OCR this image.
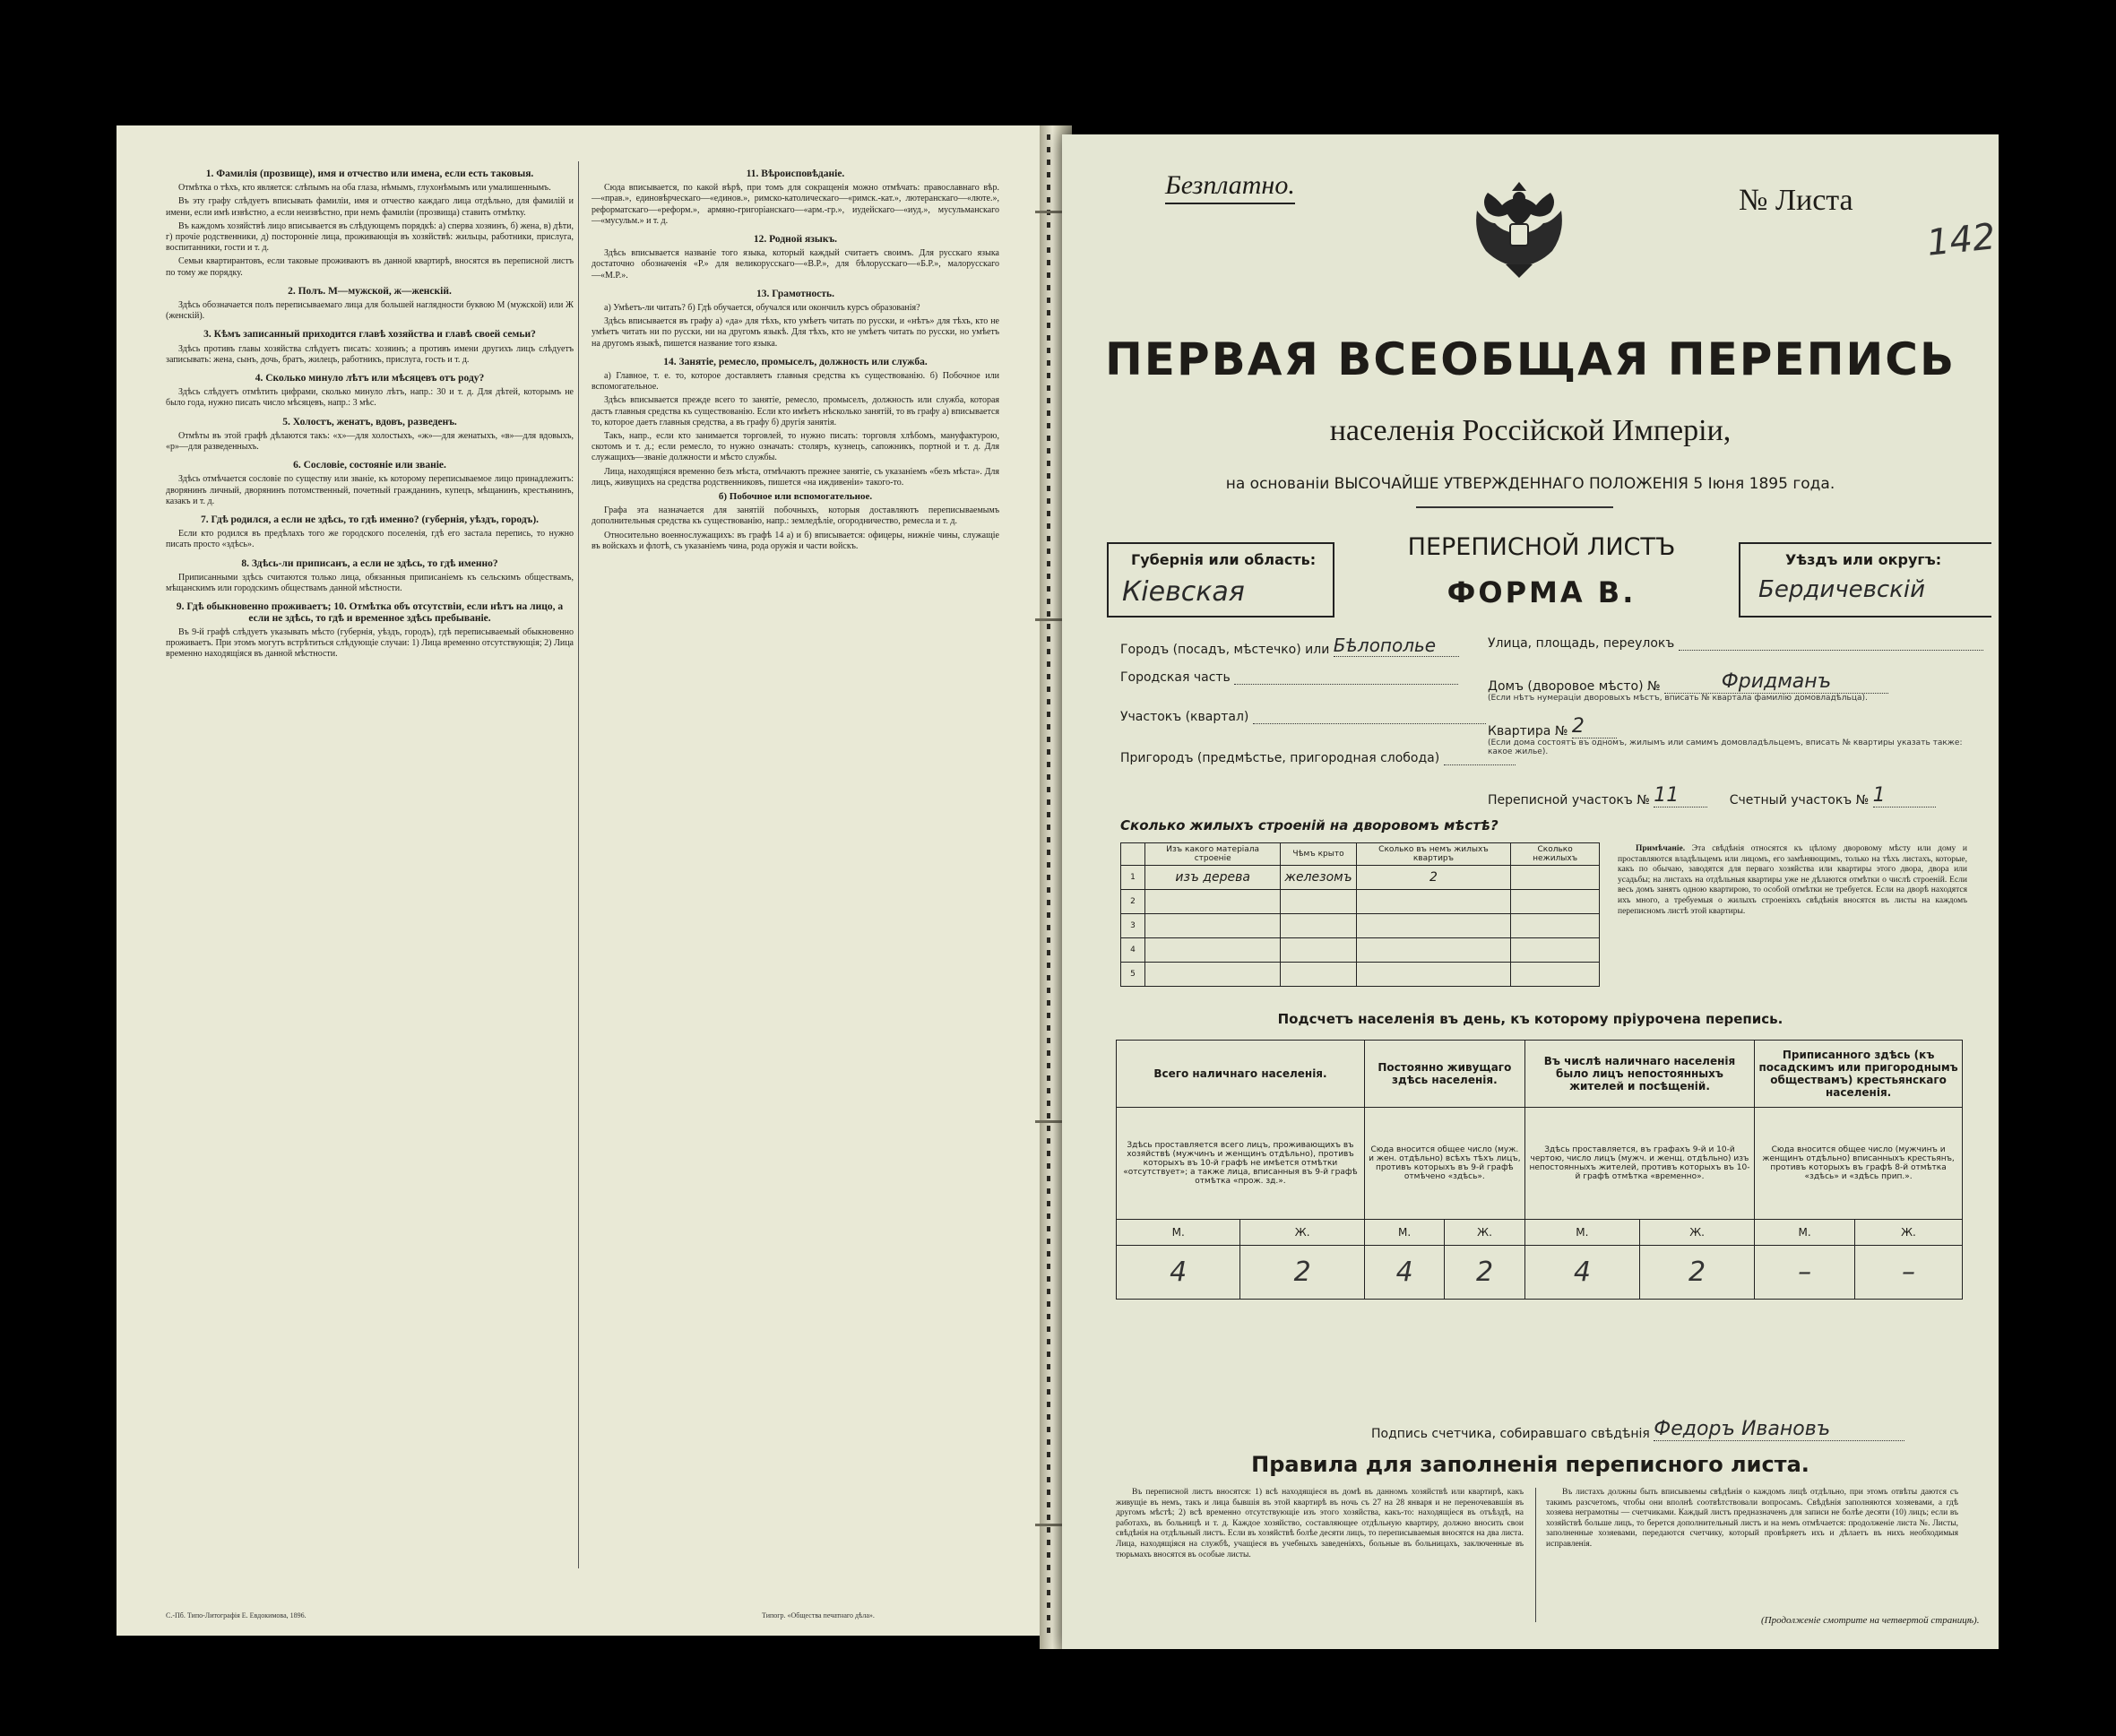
1. Фамилія (прозвище), имя и отчество или имена, если есть таковыя.
Отмѣтка о тѣхъ, кто является: слѣпымъ на оба глаза, нѣмымъ, глухонѣмымъ или умалишеннымъ.
Въ эту графу слѣдуетъ вписывать фамиліи, имя и отчество каждаго лица отдѣльно, для фамилій и имени, если имѣ извѣстно, а если неизвѣстно, при немъ фамиліи (прозвища) ставить отмѣтку.
Въ каждомъ хозяйствѣ лицо вписывается въ слѣдующемъ порядкѣ: а) сперва хозяинъ, б) жена, в) дѣти, г) прочіе родственники, д) посторонніе лица, проживающія въ хозяйствѣ: жильцы, работники, прислуга, воспитанники, гости и т. д.
Семьи квартирантовъ, если таковые проживаютъ въ данной квартирѣ, вносятся въ переписной листъ по тому же порядку.
2. Полъ. М—мужской, ж—женскій.
Здѣсь обозначается полъ переписываемаго лица для большей наглядности буквою М (мужской) или Ж (женскій).
3. Кѣмъ записанный приходится главѣ хозяйства и главѣ своей семьи?
Здѣсь противъ главы хозяйства слѣдуетъ писать: хозяинъ; а противъ имени другихъ лицъ слѣдуетъ записывать: жена, сынъ, дочь, братъ, жилецъ, работникъ, прислуга, гость и т. д.
4. Сколько минуло лѣтъ или мѣсяцевъ отъ роду?
Здѣсь слѣдуетъ отмѣтить цифрами, сколько минуло лѣтъ, напр.: 30 и т. д. Для дѣтей, которымъ не было года, нужно писать число мѣсяцевъ, напр.: 3 мѣс.
5. Холостъ, женатъ, вдовъ, разведенъ.
Отмѣты въ этой графѣ дѣлаются такъ: «х»—для холостыхъ, «ж»—для женатыхъ, «в»—для вдовыхъ, «р»—для разведенныхъ.
6. Сословіе, состояніе или званіе.
Здѣсь отмѣчается сословіе по существу или званіе, къ которому переписываемое лицо принадлежитъ: дворянинъ личный, дворянинъ потомственный, почетный гражданинъ, купецъ, мѣщанинъ, крестьянинъ, казакъ и т. д.
7. Гдѣ родился, а если не здѣсь, то гдѣ именно? (губернія, уѣздъ, городъ).
Если кто родился въ предѣлахъ того же городского поселенія, гдѣ его застала перепись, то нужно писать просто «здѣсь».
8. Здѣсь-ли приписанъ, а если не здѣсь, то гдѣ именно?
Приписанными здѣсь считаются только лица, обязанныя приписаніемъ къ сельскимъ обществамъ, мѣщанскимъ или городскимъ обществамъ данной мѣстности.
9. Гдѣ обыкновенно проживаетъ; 10. Отмѣтка объ отсутствіи, если нѣтъ на лицо, а если не здѣсь, то гдѣ и временное здѣсь пребываніе.
Въ 9-й графѣ слѣдуетъ указывать мѣсто (губернія, уѣздъ, городъ), гдѣ переписываемый обыкновенно проживаетъ. При этомъ могутъ встрѣтиться слѣдующіе случаи: 1) Лица временно отсутствующія; 2) Лица временно находящіяся въ данной мѣстности.
11. Вѣроисповѣданіе.
Сюда вписывается, по какой вѣрѣ, при томъ для сокращенія можно отмѣчать: православнаго вѣр.—«прав.», единовѣрческаго—«единов.», римско-католическаго—«римск.-кат.», лютеранскаго—«люте.», реформатскаго—«реформ.», армяно-григоріанскаго—«арм.-гр.», иудейскаго—«иуд.», мусульманскаго—«мусульм.» и т. д.
12. Родной языкъ.
Здѣсь вписывается названіе того языка, который каждый считаетъ своимъ. Для русскаго языка достаточно обозначенія «Р.» для великорусскаго—«В.Р.», для бѣлорусскаго—«Б.Р.», малорусскаго—«М.Р.».
13. Грамотность.
а) Умѣетъ-ли читать? б) Гдѣ обучается, обучался или окончилъ курсъ образованія?
Здѣсь вписывается въ графу а) «да» для тѣхъ, кто умѣетъ читать по русски, и «нѣтъ» для тѣхъ, кто не умѣетъ читать ни по русски, ни на другомъ языкѣ. Для тѣхъ, кто не умѣетъ читать по русски, но умѣетъ на другомъ языкѣ, пишется название того языка.
14. Занятіе, ремесло, промыселъ, должность или служба.
а) Главное, т. е. то, которое доставляетъ главныя средства къ существованію. б) Побочное или вспомогательное.
Здѣсь вписывается прежде всего то занятіе, ремесло, промыселъ, должность или служба, которая дастъ главныя средства къ существованію. Если кто имѣетъ нѣсколько занятій, то въ графу а) вписывается то, которое даетъ главныя средства, а въ графу б) другія занятія.
Такъ, напр., если кто занимается торговлей, то нужно писать: торговля хлѣбомъ, мануфактурою, скотомъ и т. д.; если ремесло, то нужно означать: столяръ, кузнецъ, сапожникъ, портной и т. д. Для служащихъ—званіе должности и мѣсто службы.
Лица, находящіяся временно безъ мѣста, отмѣчаютъ прежнее занятіе, съ указаніемъ «безъ мѣста». Для лицъ, живущихъ на средства родственниковъ, пишется «на иждивеніи» такого-то.
б) Побочное или вспомогательное.
Графа эта назначается для занятій побочныхъ, которыя доставляютъ переписываемымъ дополнительныя средства къ существованію, напр.: земледѣліе, огородничество, ремесла и т. д.
Относительно военнослужащихъ: въ графѣ 14 а) и б) вписывается: офицеры, нижніе чины, служащіе въ войскахъ и флотѣ, съ указаніемъ чина, рода оружія и части войскъ.
С.-Пб. Типо-Литографія Е. Евдокимова, 1896.	Типогр. «Общества печатнаго дѣла».
Безплатно.	№ Листа
142
ПЕРВАЯ ВСЕОБЩАЯ ПЕРЕПИСЬ
населенія Россійской Имперіи,
на основаніи ВЫСОЧАЙШЕ УТВЕРЖДЕННАГО ПОЛОЖЕНІЯ 5 Іюня 1895 года.
Губернія или область:
Кіевская
ПЕРЕПИСНОЙ ЛИСТЪ
ФОРМА В.
Уѣздъ или округъ:
Бердичевскій
Городъ (посадъ, мѣстечко) или Бѣлополье
Городская часть
Участокъ (квартал)
Пригородъ (предмѣстье, пригородная слобода)
Улица, площадь, переулокъ
Домъ (дворовое мѣсто) №	Фридманъ
(Если нѣтъ нумераціи дворовыхъ мѣстъ, вписать № квартала фамилію домовладѣльца).
Квартира № 2
(Если дома состоятъ въ одномъ, жилымъ или самимъ домовладѣльцемъ, вписать № квартиры указать также: какое жилье).
Переписной участокъ № 11	Счетный участокъ № 1
Сколько жилыхъ строеній на дворовомъ мѣстѣ?
	Изъ какого матеріала строеніе	Чѣмъ крыто	Сколько въ немъ жилыхъ квартиръ	Сколько нежилыхъ
1	изъ дерева	железомъ	2	
2				
3				
4				
5				
Примѣчаніе. Эта свѣдѣнія относятся къ цѣлому дворовому мѣсту или дому и проставляются владѣльцемъ или лицомъ, его замѣняющимъ, только на тѣхъ листахъ, которые, какъ по обычаю, заводятся для перваго хозяйства или квартиры этого двора, двора или усадьбы; на листахъ на отдѣльныя квартиры уже не дѣлаются отмѣтки о числѣ строеній. Если весь домъ занятъ одною квартирою, то особой отмѣтки не требуется. Если на дворѣ находятся ихъ много, а требуемыя о жилыхъ строеніяхъ свѣдѣнія вносятся въ листы на каждомъ переписномъ листѣ этой квартиры.
Подсчетъ населенія въ день, къ которому пріурочена перепись.
Всего наличнаго населенія.		Постоянно живущаго здѣсь населенія.		Въ числѣ наличнаго населенія было лицъ непостоянныхъ жителей и посѣщеній.		Приписанного здѣсь (къ посадскимъ или пригороднымъ обществамъ) крестьянскаго населенія.	
Здѣсь проставляется всего лицъ, проживающихъ въ хозяйствѣ (мужчинъ и женщинъ отдѣльно), противъ которыхъ въ 10-й графѣ не имѣется отмѣтки «отсутствует»; а также лица, вписанныя въ 9-й графѣ отмѣтка «прож. зд.».		Сюда вносится общее число (муж. и жен. отдѣльно) всѣхъ тѣхъ лицъ, противъ которыхъ въ 9-й графѣ отмѣчено «здѣсь».		Здѣсь проставляется, въ графахъ 9-й и 10-й чертою, число лицъ (мужч. и женщ. отдѣльно) изъ непостоянныхъ жителей, противъ которыхъ въ 10-й графѣ отмѣтка «временно».		Сюда вносится общее число (мужчинъ и женщинъ отдѣльно) вписанныхъ крестьянъ, противъ которыхъ въ графѣ 8-й отмѣтка «здѣсь» и «здѣсь прип.».	
М.	Ж.	М.	Ж.	М.	Ж.	М.	Ж.
4	2	4	2	4	2	–	–
Подпись счетчика, собиравшаго свѣдѣнія Федоръ Ивановъ
Правила для заполненія переписного листа.
Въ переписной листъ вносятся: 1) всѣ находящіеся въ домѣ въ данномъ хозяйствѣ или квартирѣ, какъ живущіе въ немъ, такъ и лица бывшія въ этой квартирѣ въ ночь съ 27 на 28 января и не переночевавшія въ другомъ мѣстѣ; 2) всѣ временно отсутствующіе изъ этого хозяйства, какъ-то: находящіеся въ отъѣздѣ, на работахъ, въ больницѣ и т. д. Каждое хозяйство, составляющее отдѣльную квартиру, должно вносить свои свѣдѣнія на отдѣльный листъ. Если въ хозяйствѣ болѣе десяти лицъ, то переписываемыя вносятся на два листа. Лица, находящіяся на службѣ, учащіеся въ учебныхъ заведеніяхъ, больные въ больницахъ, заключенные въ тюрьмахъ вносятся въ особые листы.
Въ листахъ должны быть вписываемы свѣдѣнія о каждомъ лицѣ отдѣльно, при этомъ отвѣты даются съ такимъ разсчетомъ, чтобы они вполнѣ соотвѣтствовали вопросамъ. Свѣдѣнія заполняются хозяевами, а гдѣ хозяева неграмотны — счетчиками. Каждый листъ предназначенъ для записи не болѣе десяти (10) лицъ; если въ хозяйствѣ больше лицъ, то берется дополнительный листъ и на немъ отмѣчается: продолженіе листа №. Листы, заполненные хозяевами, передаются счетчику, который провѣряетъ ихъ и дѣлаетъ въ нихъ необходимыя исправленія.
(Продолженіе смотрите на четвертой страницѣ).
